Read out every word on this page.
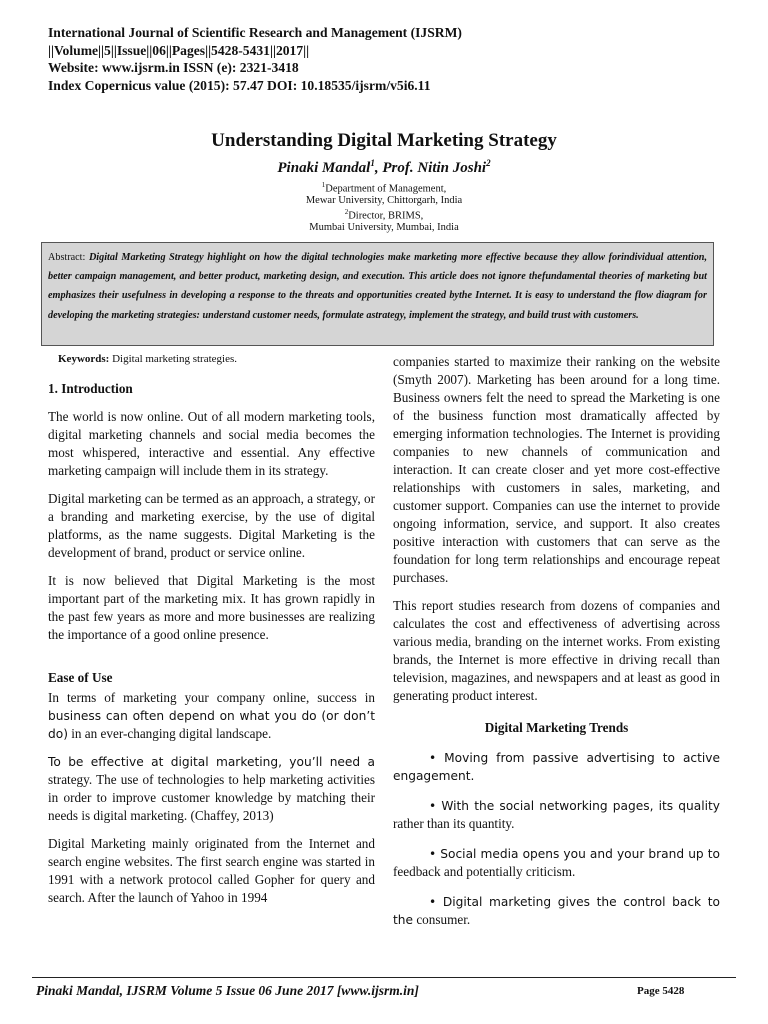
International Journal of Scientific Research and Management (IJSRM)
||Volume||5||Issue||06||Pages||5428-5431||2017||
Website: www.ijsrm.in ISSN (e): 2321-3418
Index Copernicus value (2015): 57.47 DOI: 10.18535/ijsrm/v5i6.11
Understanding Digital Marketing Strategy
Pinaki Mandal$^1$, Prof. Nitin Joshi$^2$
$^1$Department of Management,
Mewar University, Chittorgarh, India
$^2$Director, BRIMS,
Mumbai University, Mumbai, India
Abstract: Digital Marketing Strategy highlight on how the digital technologies make marketing more effective because they allow forindividual attention, better campaign management, and better product, marketing design, and execution. This article does not ignore thefundamental theories of marketing but emphasizes their usefulness in developing a response to the threats and opportunities created bythe Internet. It is easy to understand the flow diagram for developing the marketing strategies: understand customer needs, formulate astrategy, implement the strategy, and build trust with customers.
Keywords: Digital marketing strategies.

1. Introduction

The world is now online. Out of all modern marketing tools, digital marketing channels and social media becomes the most whispered, interactive and essential. Any effective marketing campaign will include them in its strategy.

Digital marketing can be termed as an approach, a strategy, or a branding and marketing exercise, by the use of digital platforms, as the name suggests. Digital Marketing is the development of brand, product or service online.

It is now believed that Digital Marketing is the most important part of the marketing mix. It has grown rapidly in the past few years as more and more businesses are realizing the importance of a good online presence.

Ease of Use

In terms of marketing your company online, success in business can often depend on what you do (or don’t do) in an ever-changing digital landscape.

To be effective at digital marketing, you’ll need a strategy. The use of technologies to help marketing activities in order to improve customer knowledge by matching their needs is digital marketing. (Chaffey, 2013)

Digital Marketing mainly originated from the Internet and search engine websites. The first search engine was started in 1991 with a network protocol called Gopher for query and search. After the launch of Yahoo in 1994

companies started to maximize their ranking on the website (Smyth 2007). Marketing has been around for a long time. Business owners felt the need to spread the Marketing is one of the business function most dramatically affected by emerging information technologies. The Internet is providing companies to new channels of communication and interaction. It can create closer and yet more cost-effective relationships with customers in sales, marketing, and customer support. Companies can use the internet to provide ongoing information, service, and support. It also creates positive interaction with customers that can serve as the foundation for long term relationships and encourage repeat purchases.

This report studies research from dozens of companies and calculates the cost and effectiveness of advertising across various media, branding on the internet works. From existing brands, the Internet is more effective in driving recall than television, magazines, and newspapers and at least as good in generating product interest.

Digital Marketing Trends

• Moving from passive advertising to active engagement.

• With the social networking pages, its quality rather than its quantity.

• Social media opens you and your brand up to feedback and potentially criticism.

• Digital marketing gives the control back to the consumer.

Pinaki Mandal, IJSRM Volume 5 Issue 06 June 2017 [www.ijsrm.in]	Page 5428
